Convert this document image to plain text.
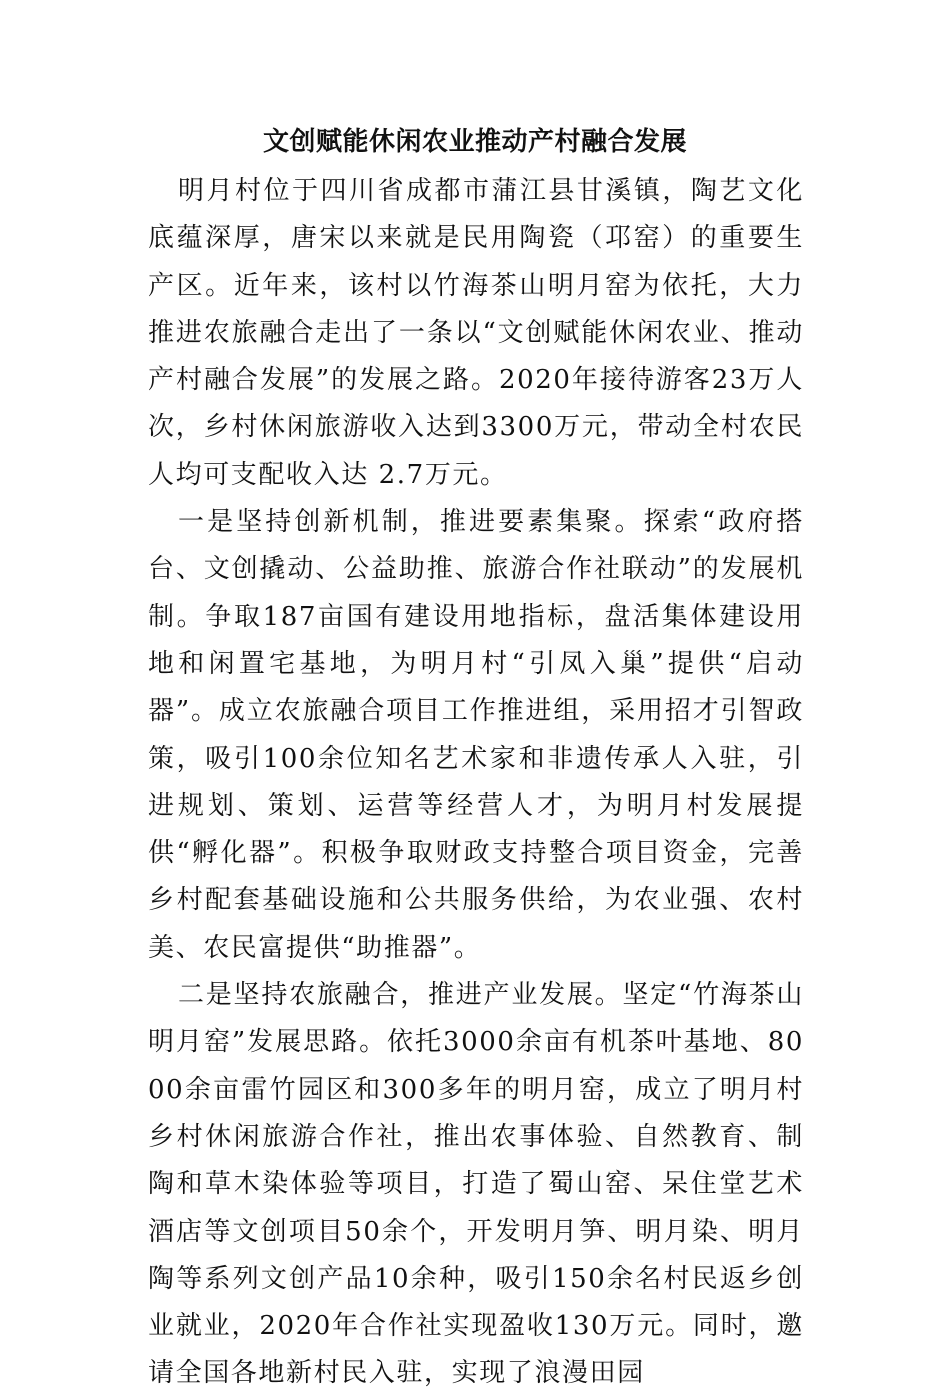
文创赋能休闲农业推动产村融合发展

明月村位于四川省成都市蒲江县甘溪镇，陶艺文化底蕴深厚，唐宋以来就是民用陶瓷（邛窑）的重要生产区。近年来，该村以竹海茶山明月窑为依托，大力推进农旅融合走出了一条以“文创赋能休闲农业、推动产村融合发展”的发展之路。2020年接待游客23万人次，乡村休闲旅游收入达到3300万元，带动全村农民人均可支配收入达 2.7万元。

一是坚持创新机制，推进要素集聚。探索“政府搭台、文创撬动、公益助推、旅游合作社联动”的发展机制。争取187亩国有建设用地指标，盘活集体建设用地和闲置宅基地，为明月村“引凤入巢”提供“启动器”。成立农旅融合项目工作推进组，采用招才引智政策，吸引100余位知名艺术家和非遗传承人入驻，引进规划、策划、运营等经营人才，为明月村发展提供“孵化器”。积极争取财政支持整合项目资金，完善乡村配套基础设施和公共服务供给，为农业强、农村美、农民富提供“助推器”。

二是坚持农旅融合，推进产业发展。坚定“竹海茶山明月窑”发展思路。依托3000余亩有机茶叶基地、8000余亩雷竹园区和300多年的明月窑，成立了明月村乡村休闲旅游合作社，推出农事体验、自然教育、制陶和草木染体验等项目，打造了蜀山窑、呆住堂艺术酒店等文创项目50余个，开发明月笋、明月染、明月陶等系列文创产品10余种，吸引150余名村民返乡创业就业，2020年合作社实现盈收130万元。同时，邀请全国各地新村民入驻，实现了浪漫田园
